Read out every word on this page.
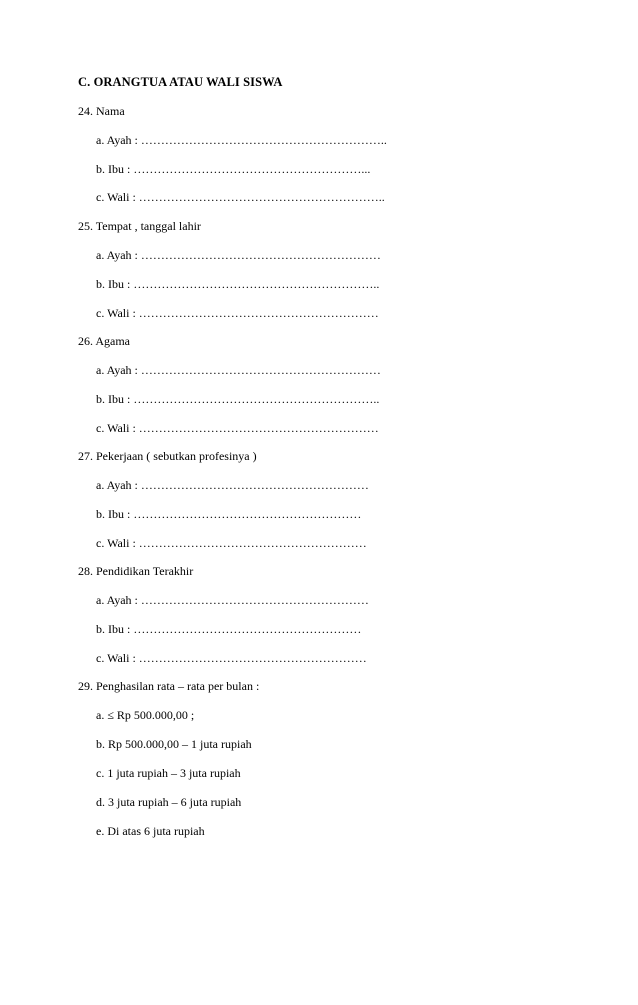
C. ORANGTUA ATAU WALI SISWA
24. Nama
a. Ayah : ……………………………………………………..
b. Ibu : …………………………………………………...
c. Wali : ……………………………………………………..
25. Tempat , tanggal lahir
a. Ayah : ……………………………………………………
b. Ibu : ……………………………………………………..
c. Wali : ……………………………………………………
26. Agama
a. Ayah : ……………………………………………………
b. Ibu : ……………………………………………………..
c. Wali : ……………………………………………………
27. Pekerjaan ( sebutkan profesinya )
a. Ayah : …………………………………………………
b. Ibu : …………………………………………………
c. Wali : …………………………………………………
28. Pendidikan Terakhir
a. Ayah : …………………………………………………
b. Ibu : …………………………………………………
c. Wali : …………………………………………………
29. Penghasilan rata – rata per bulan :
a. ≤ Rp 500.000,00 ;
b. Rp 500.000,00 – 1 juta rupiah
c. 1 juta rupiah – 3 juta rupiah
d. 3 juta rupiah – 6 juta rupiah
e. Di atas 6 juta rupiah
